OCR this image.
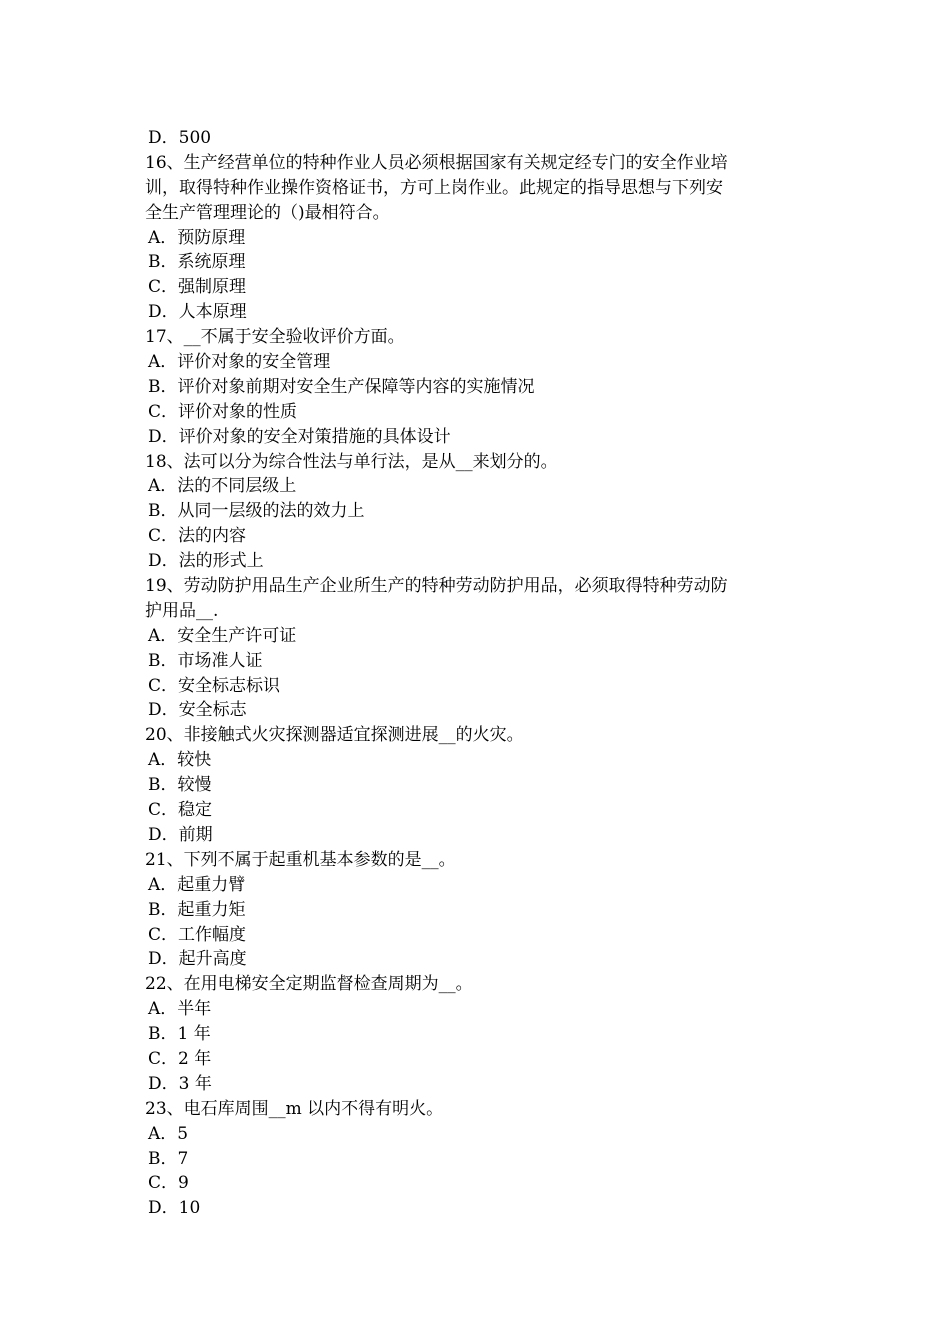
D．500
16、生产经营单位的特种作业人员必须根据国家有关规定经专门的安全作业培
训，取得特种作业操作资格证书，方可上岗作业。此规定的指导思想与下列安
全生产管理理论的（)最相符合。
A．预防原理
B．系统原理
C．强制原理
D．人本原理
17、__不属于安全验收评价方面。
A．评价对象的安全管理
B．评价对象前期对安全生产保障等内容的实施情况
C．评价对象的性质
D．评价对象的安全对策措施的具体设计
18、法可以分为综合性法与单行法，是从__来划分的。
A．法的不同层级上
B．从同一层级的法的效力上
C．法的内容
D．法的形式上
19、劳动防护用品生产企业所生产的特种劳动防护用品，必须取得特种劳动防
护用品__.
A．安全生产许可证
B．市场准人证
C．安全标志标识
D．安全标志
20、非接触式火灾探测器适宜探测进展__的火灾。
A．较快
B．较慢
C．稳定
D．前期
21、下列不属于起重机基本参数的是__。
A．起重力臂
B．起重力矩
C．工作幅度
D．起升高度
22、在用电梯安全定期监督检查周期为__。
A．半年
B．1 年
C．2 年
D．3 年
23、电石库周围__m 以内不得有明火。
A．5
B．7
C．9
D．10
